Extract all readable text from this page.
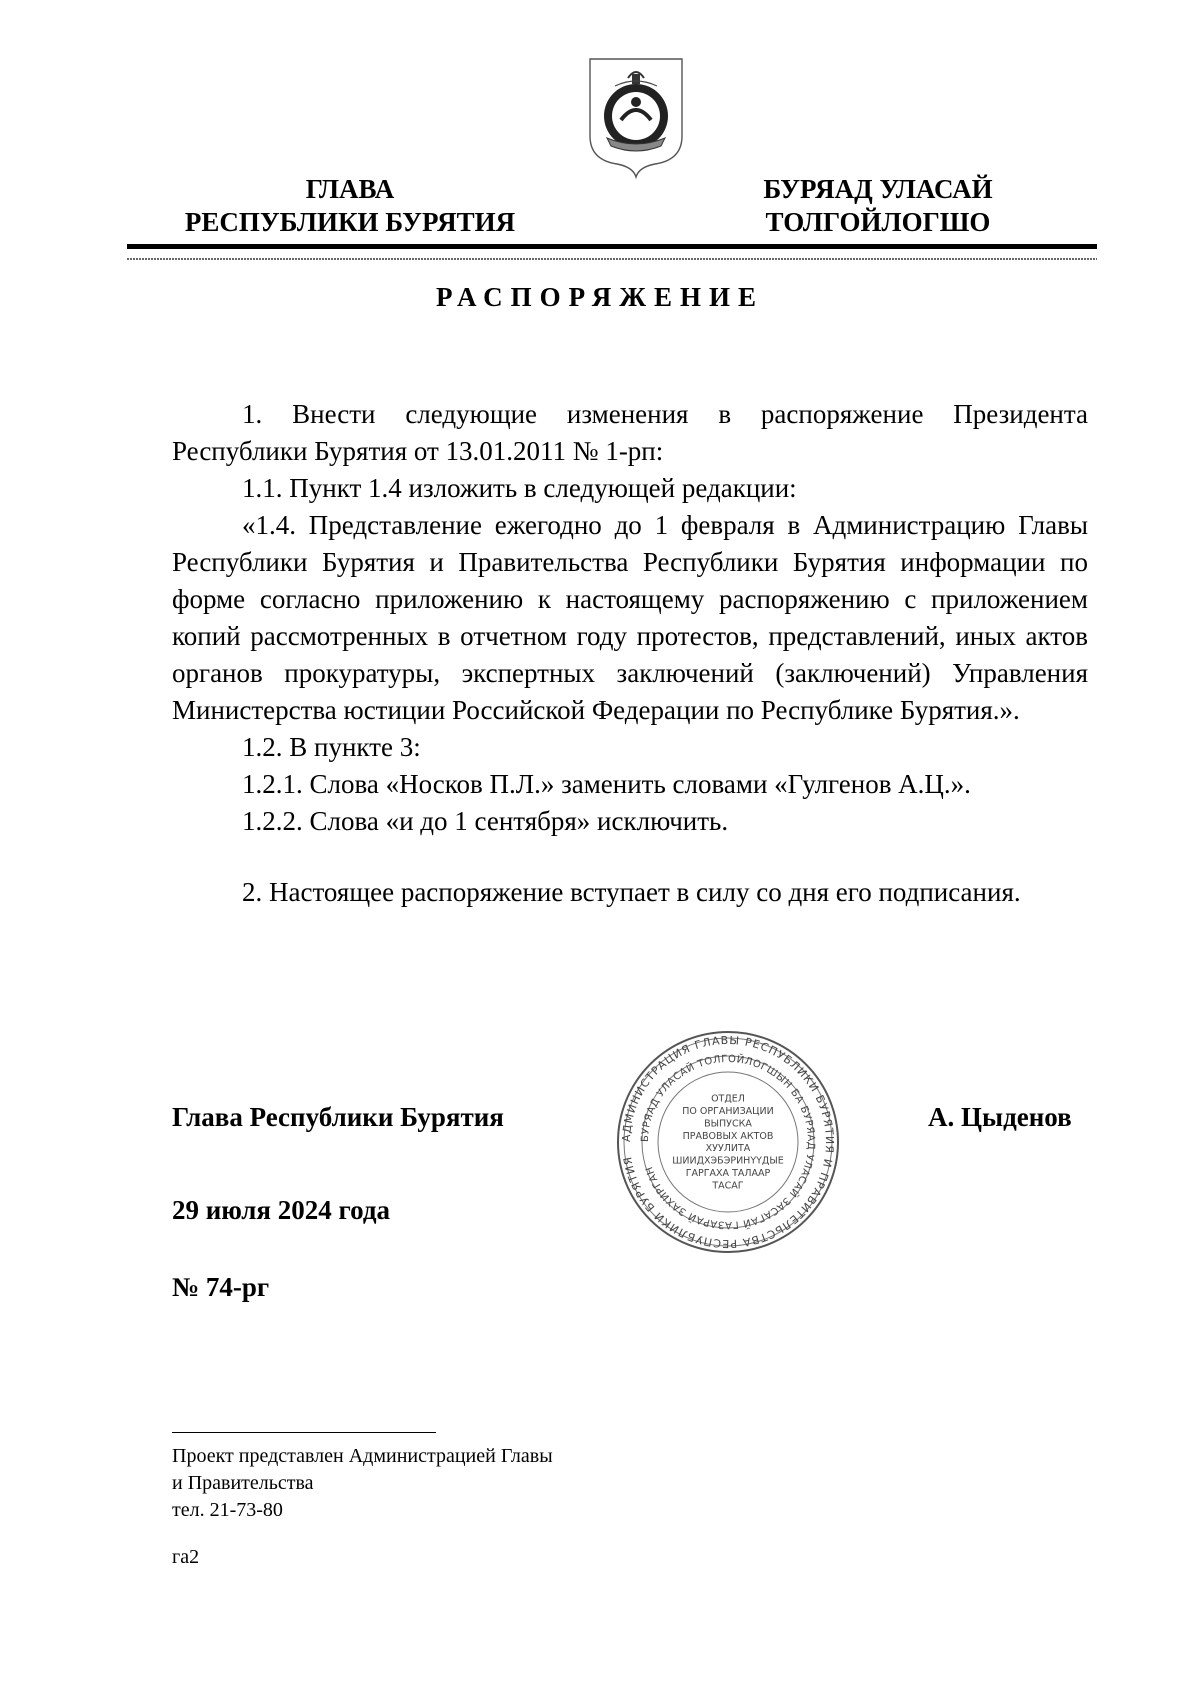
ГЛАВА
РЕСПУБЛИКИ БУРЯТИЯ
БУРЯАД УЛАСАЙ
ТОЛГОЙЛОГШО
РАСПОРЯЖЕНИЕ

1. Внести следующие изменения в распоряжение Президента Республики Бурятия от 13.01.2011 № 1-рп:

1.1. Пункт 1.4 изложить в следующей редакции:

«1.4. Представление ежегодно до 1 февраля в Администрацию Главы Республики Бурятия и Правительства Республики Бурятия информации по форме согласно приложению к настоящему распоряжению с приложением копий рассмотренных в отчетном году протестов, представлений, иных актов органов прокуратуры, экспертных заключений (заключений) Управления Министерства юстиции Российской Федерации по Республике Бурятия.».

1.2. В пункте 3:

1.2.1. Слова «Носков П.Л.» заменить словами «Гулгенов А.Ц.».

1.2.2. Слова «и до 1 сентября» исключить.

2. Настоящее распоряжение вступает в силу со дня его подписания.

Глава Республики Бурятия	А. Цыденов
29 июля 2024 года
№ 74-рг
АДМИНИСТРАЦИЯ ГЛАВЫ РЕСПУБЛИКИ БУРЯТИЯ И ПРАВИТЕЛЬСТВА РЕСПУБЛИКИ БУРЯТИЯ
БУРЯАД УЛАСАЙ ТОЛГОЙЛОГШЫН БА БУРЯАД УЛАСАЙ ЗАСАГАЙ ГАЗАРАЙ ЗАХИРГАН
ОТДЕЛ
ПО ОРГАНИЗАЦИИ
ВЫПУСКА
ПРАВОВЫХ АКТОВ
ХУУЛИТА
ШИИДХЭБЭРИНҮҮДЫЕ
ГАРГАХА ТАЛААР
ТАСАГ
Проект представлен Администрацией Главы
и Правительства
тел. 21-73-80
га2
